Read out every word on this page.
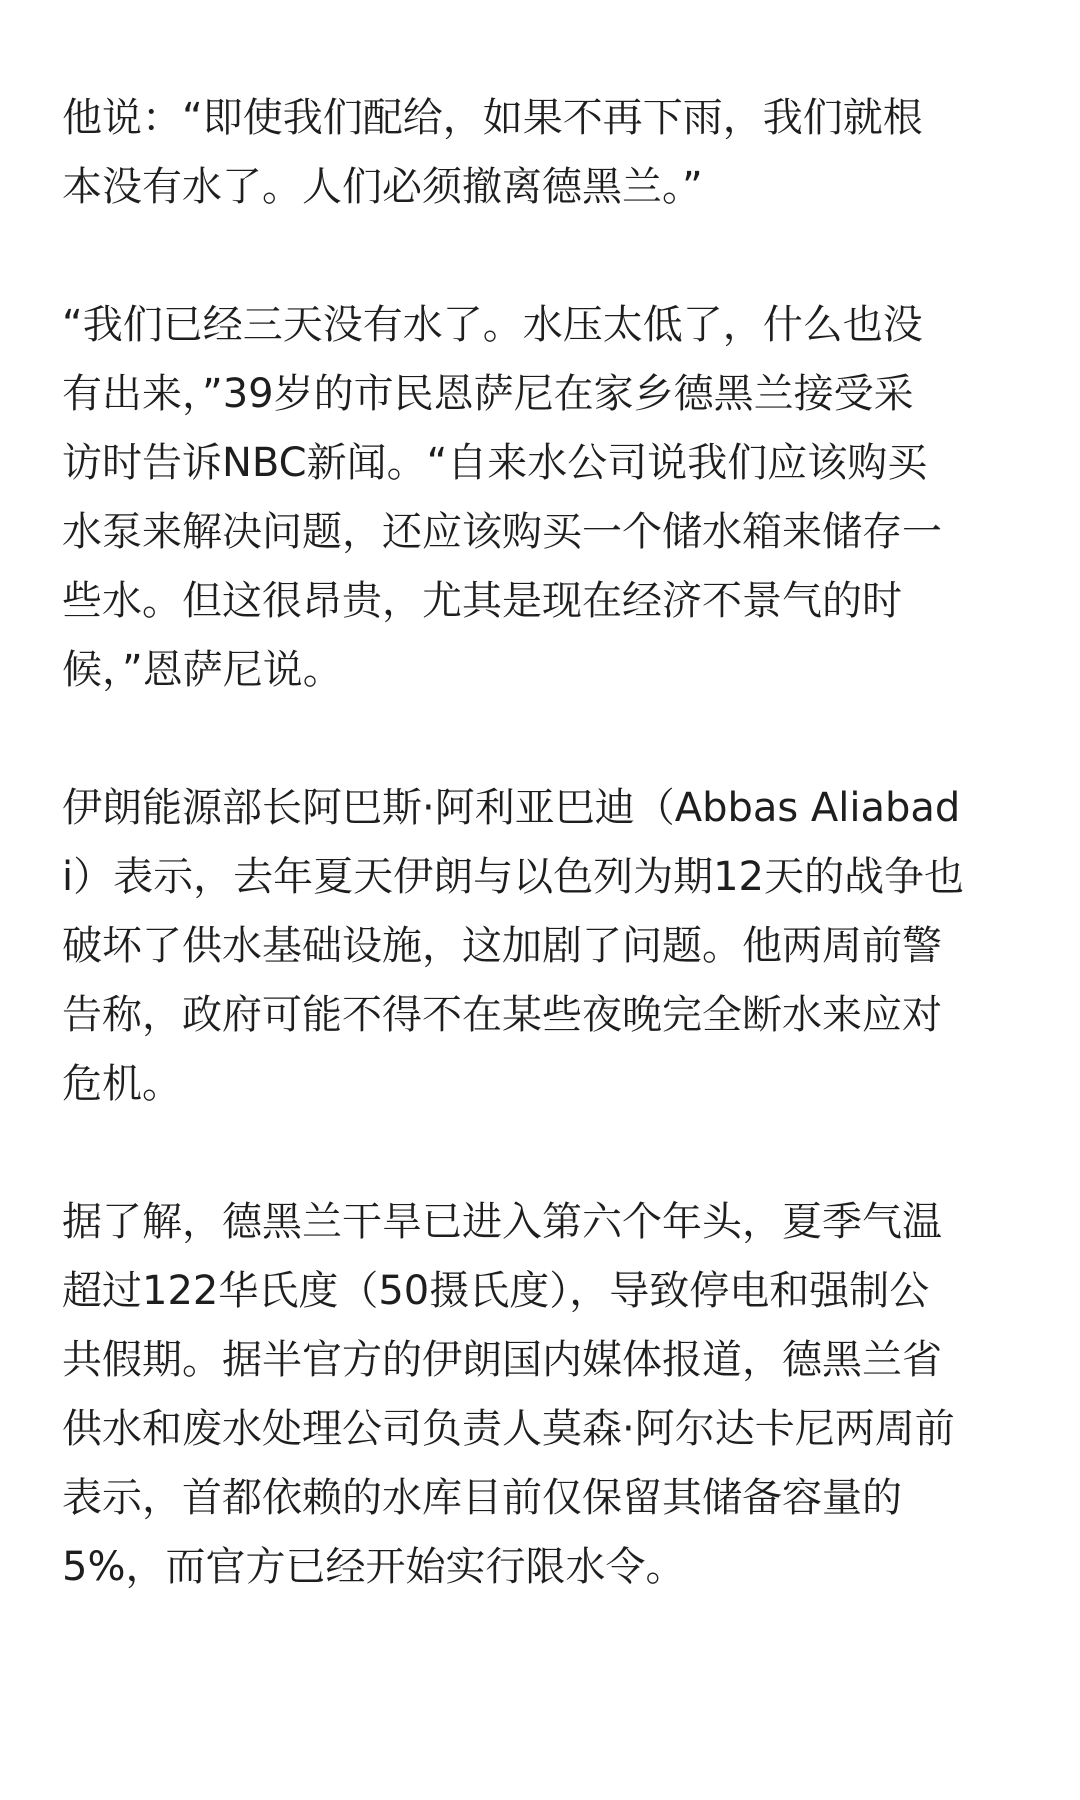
他说：“即使我们配给，如果不再下雨，我们就根
本没有水了。人们必须撤离德黑兰。”
“我们已经三天没有水了。水压太低了，什么也没
有出来，”39岁的市民恩萨尼在家乡德黑兰接受采
访时告诉NBC新闻。“自来水公司说我们应该购买
水泵来解决问题，还应该购买一个储水箱来储存一
些水。但这很昂贵，尤其是现在经济不景气的时
候，”恩萨尼说。
伊朗能源部长阿巴斯·阿利亚巴迪（Abbas Aliabad
i）表示，去年夏天伊朗与以色列为期12天的战争也
破坏了供水基础设施，这加剧了问题。他两周前警
告称，政府可能不得不在某些夜晚完全断水来应对
危机。
据了解，德黑兰干旱已进入第六个年头，夏季气温
超过122华氏度（50摄氏度），导致停电和强制公
共假期。据半官方的伊朗国内媒体报道，德黑兰省
供水和废水处理公司负责人莫森·阿尔达卡尼两周前
表示，首都依赖的水库目前仅保留其储备容量的
5%，而官方已经开始实行限水令。
